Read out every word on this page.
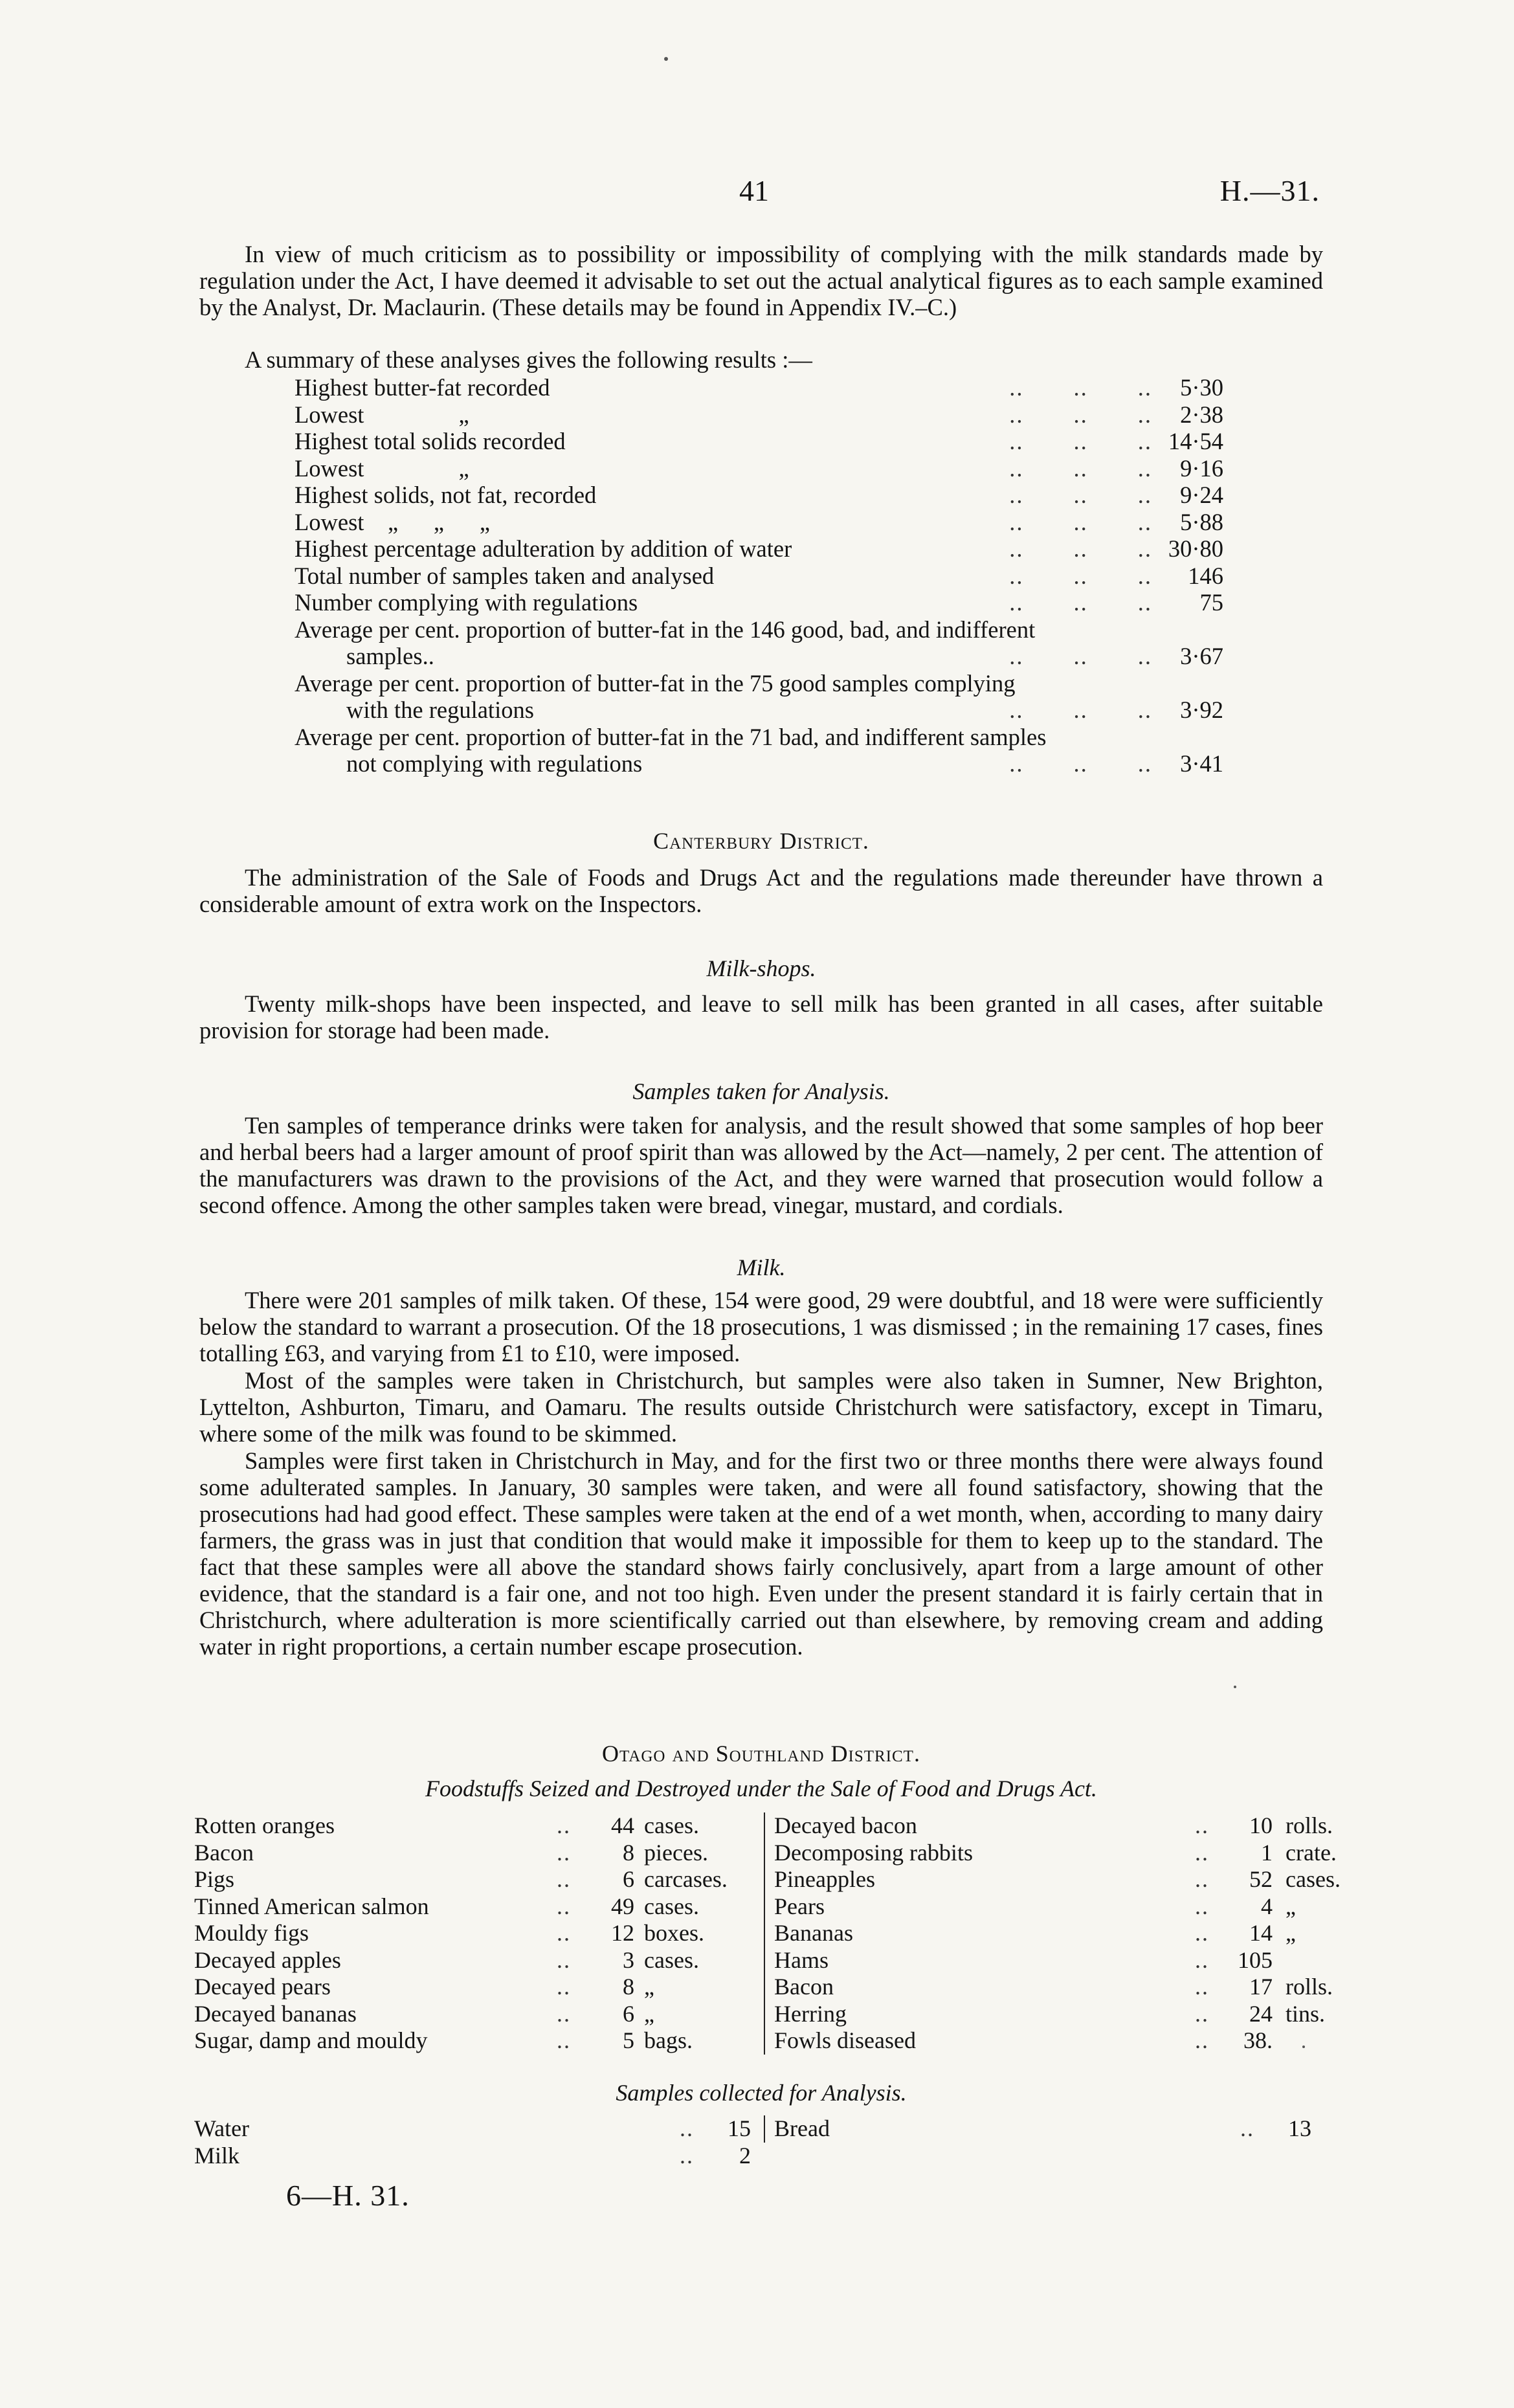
41	H.—31.
In view of much criticism as to possibility or impossibility of complying with the milk standards made by regulation under the Act, I have deemed it advisable to set out the actual analytical figures as to each sample examined by the Analyst, Dr. Maclaurin. (These details may be found in Appendix IV.–C.)
A summary of these analyses gives the following results :—
Highest butter-fat recorded	..  ..  ..	5·30
Lowest                „	..  ..  ..	2·38
Highest total solids recorded	..  ..  .. 14·54
Lowest                „	..  ..  ..	9·16
Highest solids, not fat, recorded	..  ..  ..	9·24
Lowest    „      „      „	..  ..  ..	5·88
Highest percentage adulteration by addition of water	..  ..  .. 30·80
Total number of samples taken and analysed	..  ..  ..	146
Number complying with regulations	..  ..  ..	75
Average per cent. proportion of butter-fat in the 146 good, bad, and indifferent
samples..	..  ..  ..	3·67
Average per cent. proportion of butter-fat in the 75 good samples complying
with the regulations	..  ..  ..	3·92
Average per cent. proportion of butter-fat in the 71 bad, and indifferent samples
not complying with regulations	..  ..  ..	3·41
Canterbury District.
The administration of the Sale of Foods and Drugs Act and the regulations made thereunder have thrown a considerable amount of extra work on the Inspectors.
Milk-shops.
Twenty milk-shops have been inspected, and leave to sell milk has been granted in all cases, after suitable provision for storage had been made.
Samples taken for Analysis.
Ten samples of temperance drinks were taken for analysis, and the result showed that some samples of hop beer and herbal beers had a larger amount of proof spirit than was allowed by the Act—namely, 2 per cent. The attention of the manufacturers was drawn to the provisions of the Act, and they were warned that prosecution would follow a second offence. Among the other samples taken were bread, vinegar, mustard, and cordials.
Milk.
There were 201 samples of milk taken. Of these, 154 were good, 29 were doubtful, and 18 were were sufficiently below the standard to warrant a prosecution. Of the 18 prosecutions, 1 was dismissed ; in the remaining 17 cases, fines totalling £63, and varying from £1 to £10, were imposed.
Most of the samples were taken in Christchurch, but samples were also taken in Sumner, New Brighton, Lyttelton, Ashburton, Timaru, and Oamaru. The results outside Christchurch were satisfactory, except in Timaru, where some of the milk was found to be skimmed.
Samples were first taken in Christchurch in May, and for the first two or three months there were always found some adulterated samples. In January, 30 samples were taken, and were all found satisfactory, showing that the prosecutions had had good effect. These samples were taken at the end of a wet month, when, according to many dairy farmers, the grass was in just that condition that would make it impossible for them to keep up to the standard. The fact that these samples were all above the standard shows fairly conclusively, apart from a large amount of other evidence, that the standard is a fair one, and not too high. Even under the present standard it is fairly certain that in Christchurch, where adulteration is more scientifically carried out than elsewhere, by removing cream and adding water in right proportions, a certain number escape prosecution.
Otago and Southland District.
Foodstuffs Seized and Destroyed under the Sale of Food and Drugs Act.
Rotten oranges	..	44 cases.
Bacon	..	8 pieces.
Pigs	..	6 carcases.
Tinned American salmon	..	49 cases.
Mouldy figs	..	12 boxes.
Decayed apples	..	3 cases.
Decayed pears	..	8 „
Decayed bananas	..	6 „
Sugar, damp and mouldy	..	5 bags.
Decayed bacon	..	10 rolls.
Decomposing rabbits	..	1 crate.
Pineapples	..	52 cases.
Pears	..	4 „
Bananas	..	14 „
Hams	..	105
Bacon	..	17 rolls.
Herring	..	24 tins.
Fowls diseased	..	38.
Samples collected for Analysis.
Water	..	15
Milk	..	2
Bread	..	13
6—H. 31.
